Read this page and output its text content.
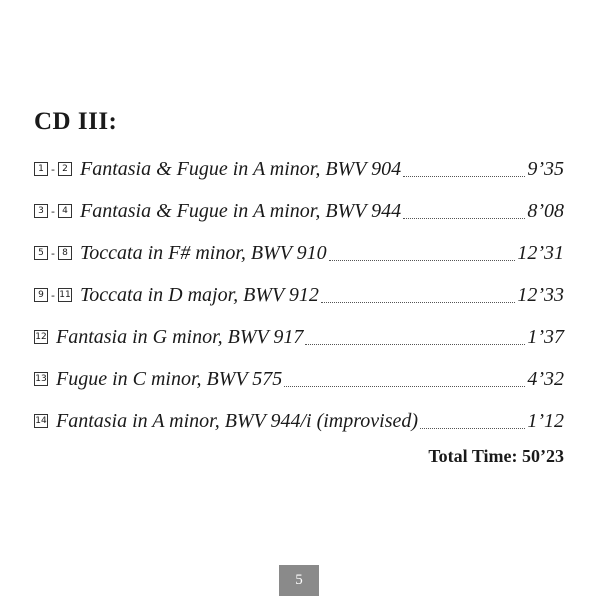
CD III:
1 - 2 Fantasia & Fugue in A minor, BWV 904	9’35
3 - 4 Fantasia & Fugue in A minor, BWV 944	8’08
5 - 8 Toccata in F# minor, BWV 910	12’31
9 - 11 Toccata in D major, BWV 912	12’33
12 Fantasia in G minor, BWV 917	1’37
13 Fugue in C minor, BWV 575	4’32
14 Fantasia in A minor, BWV 944/i (improvised)	1’12
Total Time: 50’23
5
